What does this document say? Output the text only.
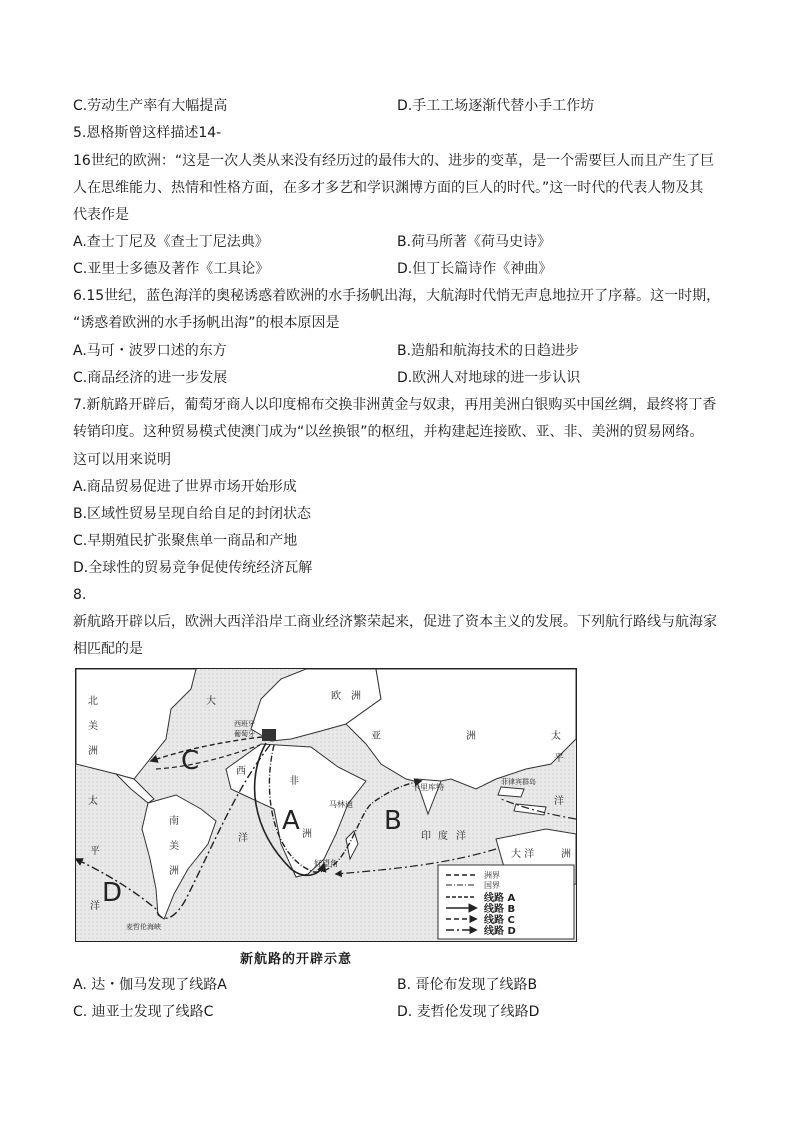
C.劳动生产率有大幅提高	D.手工工场逐渐代替小手工作坊
5.恩格斯曾这样描述14-
16世纪的欧洲：“这是一次人类从来没有经历过的最伟大的、进步的变革，是一个需要巨人而且产生了巨
人在思维能力、热情和性格方面，在多才多艺和学识渊博方面的巨人的时代。”这一时代的代表人物及其
代表作是
A.查士丁尼及《查士丁尼法典》	B.荷马所著《荷马史诗》
C.亚里士多德及著作《工具论》	D.但丁长篇诗作《神曲》
6.15世纪，蓝色海洋的奥秘诱惑着欧洲的水手扬帆出海，大航海时代悄无声息地拉开了序幕。这一时期，
“诱惑着欧洲的水手扬帆出海”的根本原因是
A.马可・波罗口述的东方	B.造船和航海技术的日趋进步
C.商品经济的进一步发展	D.欧洲人对地球的进一步认识
7.新航路开辟后，葡萄牙商人以印度棉布交换非洲黄金与奴隶，再用美洲白银购买中国丝绸，最终将丁香
转销印度。这种贸易模式使澳门成为“以丝换银”的枢纽，并构建起连接欧、亚、非、美洲的贸易网络。
这可以用来说明
A.商品贸易促进了世界市场开始形成
B.区域性贸易呈现自给自足的封闭状态
C.早期殖民扩张聚焦单一商品和产地
D.全球性的贸易竞争促使传统经济瓦解
8.
新航路开辟以后，欧洲大西洋沿岸工商业经济繁荣起来，促进了资本主义的发展。下列航行路线与航海家
相匹配的是
C
A	B
D
西班牙
葡萄牙
马林迪
卡里库特
好望角
菲律宾群岛
麦哲伦海峡
北
美
洲
大	欧 洲
亚	洲
非
洲
南
美
洲
西
洋
太
平
洋
印 度 洋
大 洋	洲
太
平
洋
洲界
国界
线路 A
线路 B
线路 C
线路 D
新航路的开辟示意
A. 达・伽马发现了线路A	B. 哥伦布发现了线路B
C. 迪亚士发现了线路C	D. 麦哲伦发现了线路D
